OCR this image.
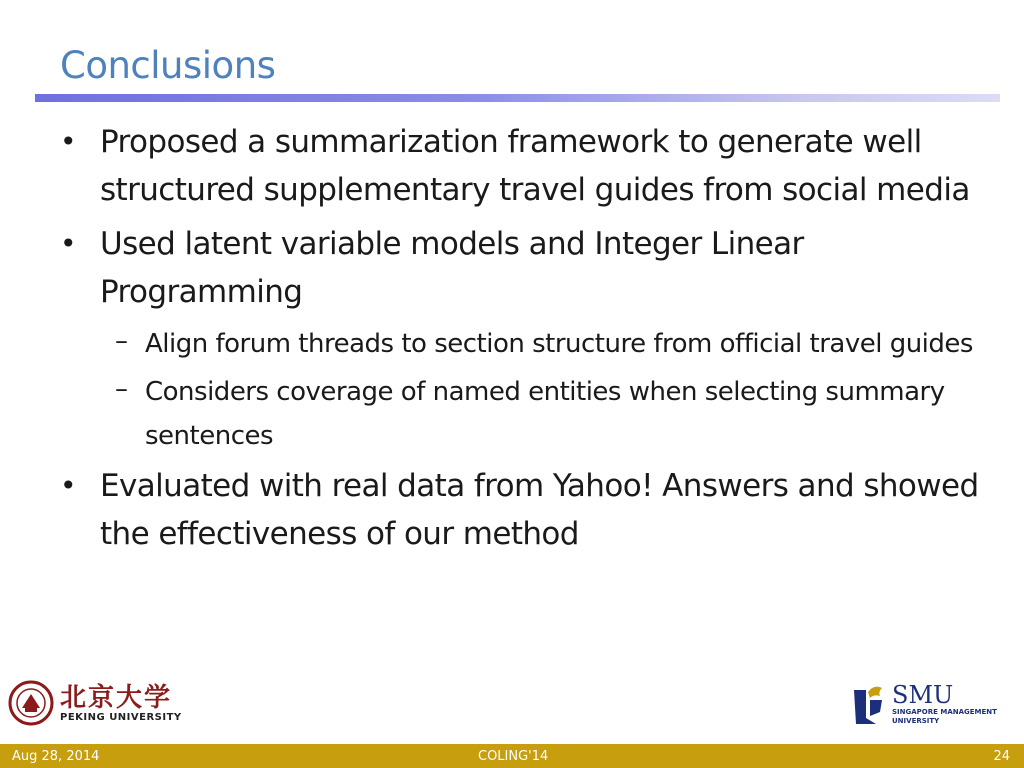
Conclusions
• Proposed a summarization framework to generate well structured supplementary travel guides from social media
• Used latent variable models and Integer Linear Programming
– Align forum threads to section structure from official travel guides
– Considers coverage of named entities when selecting summary sentences
• Evaluated with real data from Yahoo! Answers and showed the effectiveness of our method
北京大学
PEKING UNIVERSITY
SMU
SINGAPORE MANAGEMENT
UNIVERSITY
Aug 28, 2014	COLING'14	24
